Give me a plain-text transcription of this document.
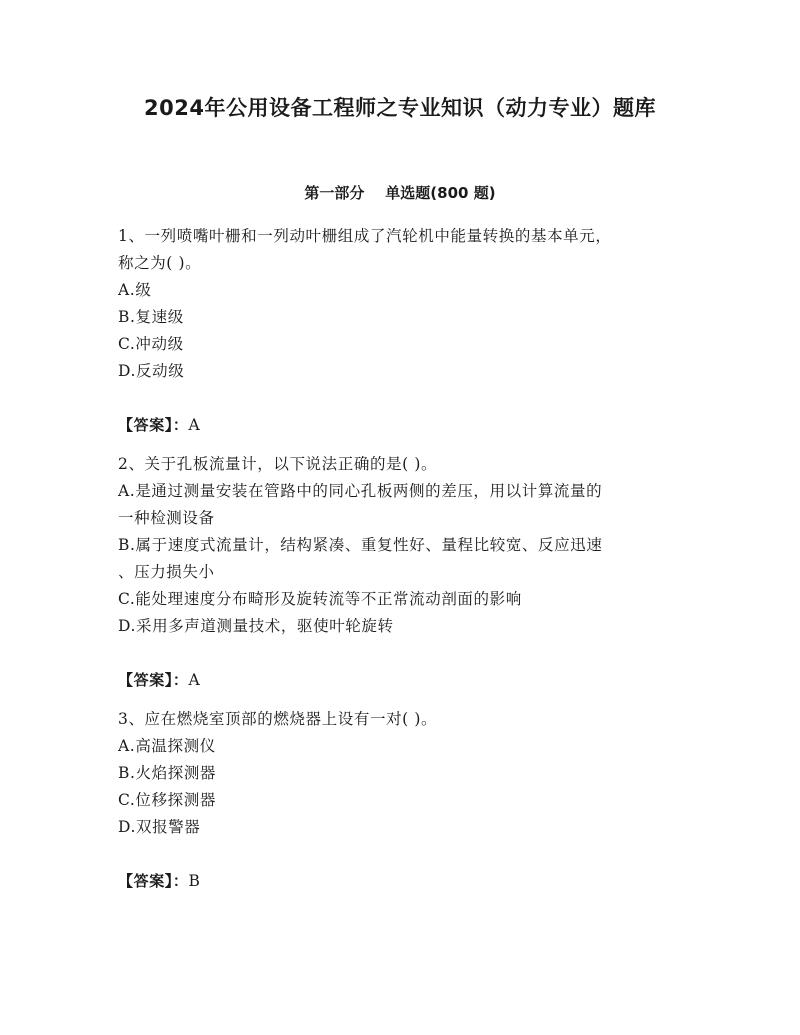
2024年公用设备工程师之专业知识（动力专业）题库
第一部分    单选题(800 题)
1、一列喷嘴叶栅和一列动叶栅组成了汽轮机中能量转换的基本单元，
称之为( )。
A.级
B.复速级
C.冲动级
D.反动级
【答案】：A
2、关于孔板流量计，以下说法正确的是( )。
A.是通过测量安装在管路中的同心孔板两侧的差压，用以计算流量的
一种检测设备
B.属于速度式流量计，结构紧凑、重复性好、量程比较宽、反应迅速
、压力损失小
C.能处理速度分布畸形及旋转流等不正常流动剖面的影响
D.采用多声道测量技术，驱使叶轮旋转
【答案】：A
3、应在燃烧室顶部的燃烧器上设有一对( )。
A.高温探测仪
B.火焰探测器
C.位移探测器
D.双报警器
【答案】：B
